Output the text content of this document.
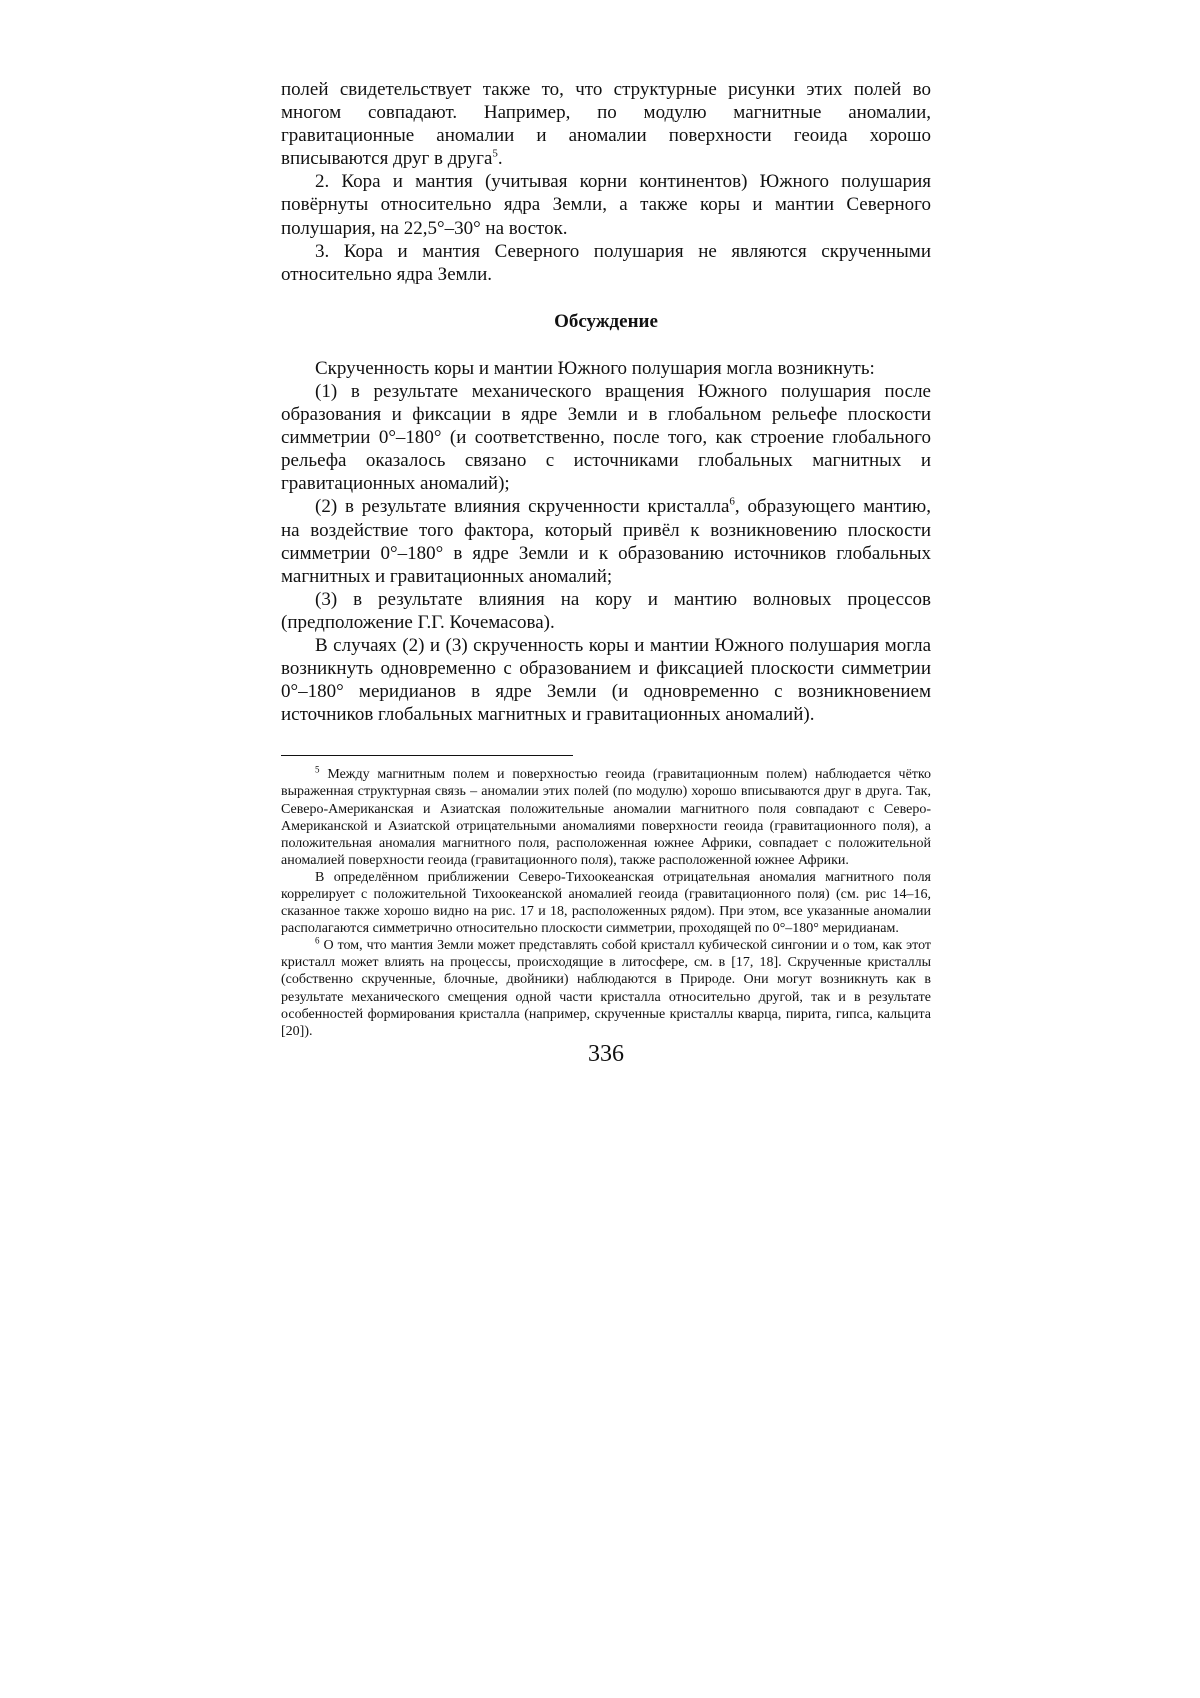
полей свидетельствует также то, что структурные рисунки этих полей во многом совпадают. Например, по модулю магнитные аномалии, гравитационные аномалии и аномалии поверхности геоида хорошо вписываются друг в друга$^5$.

2. Кора и мантия (учитывая корни континентов) Южного полушария повёрнуты относительно ядра Земли, а также коры и мантии Северного полушария, на 22,5°–30° на восток.

3. Кора и мантия Северного полушария не являются скрученными относительно ядра Земли.

Обсуждение

Скрученность коры и мантии Южного полушария могла возникнуть:

(1) в результате механического вращения Южного полушария после образования и фиксации в ядре Земли и в глобальном рельефе плоскости симметрии 0°–180° (и соответственно, после того, как строение глобального рельефа оказалось связано с источниками глобальных магнитных и гравитационных аномалий);

(2) в результате влияния скрученности кристалла$^6$, образующего мантию, на воздействие того фактора, который привёл к возникновению плоскости симметрии 0°–180° в ядре Земли и к образованию источников глобальных магнитных и гравитационных аномалий;

(3) в результате влияния на кору и мантию волновых процессов (предположение Г.Г. Кочемасова).

В случаях (2) и (3) скрученность коры и мантии Южного полушария могла возникнуть одновременно с образованием и фиксацией плоскости симметрии 0°–180° меридианов в ядре Земли (и одновременно с возникновением источников глобальных магнитных и гравитационных аномалий).

$^5$ Между магнитным полем и поверхностью геоида (гравитационным полем) наблюдается чётко выраженная структурная связь – аномалии этих полей (по модулю) хорошо вписываются друг в друга. Так, Северо-Американская и Азиатская положительные аномалии магнитного поля совпадают с Северо-Американской и Азиатской отрицательными аномалиями поверхности геоида (гравитационного поля), а положительная аномалия магнитного поля, расположенная южнее Африки, совпадает с положительной аномалией поверхности геоида (гравитационного поля), также расположенной южнее Африки.

В определённом приближении Северо-Тихоокеанская отрицательная аномалия магнитного поля коррелирует с положительной Тихоокеанской аномалией геоида (гравитационного поля) (см. рис 14–16, сказанное также хорошо видно на рис. 17 и 18, расположенных рядом). При этом, все указанные аномалии располагаются симметрично относительно плоскости симметрии, проходящей по 0°–180° меридианам.

$^6$ О том, что мантия Земли может представлять собой кристалл кубической сингонии и о том, как этот кристалл может влиять на процессы, происходящие в литосфере, см. в [17, 18]. Скрученные кристаллы (собственно скрученные, блочные, двойники) наблюдаются в Природе. Они могут возникнуть как в результате механического смещения одной части кристалла относительно другой, так и в результате особенностей формирования кристалла (например, скрученные кристаллы кварца, пирита, гипса, кальцита [20]).

336
